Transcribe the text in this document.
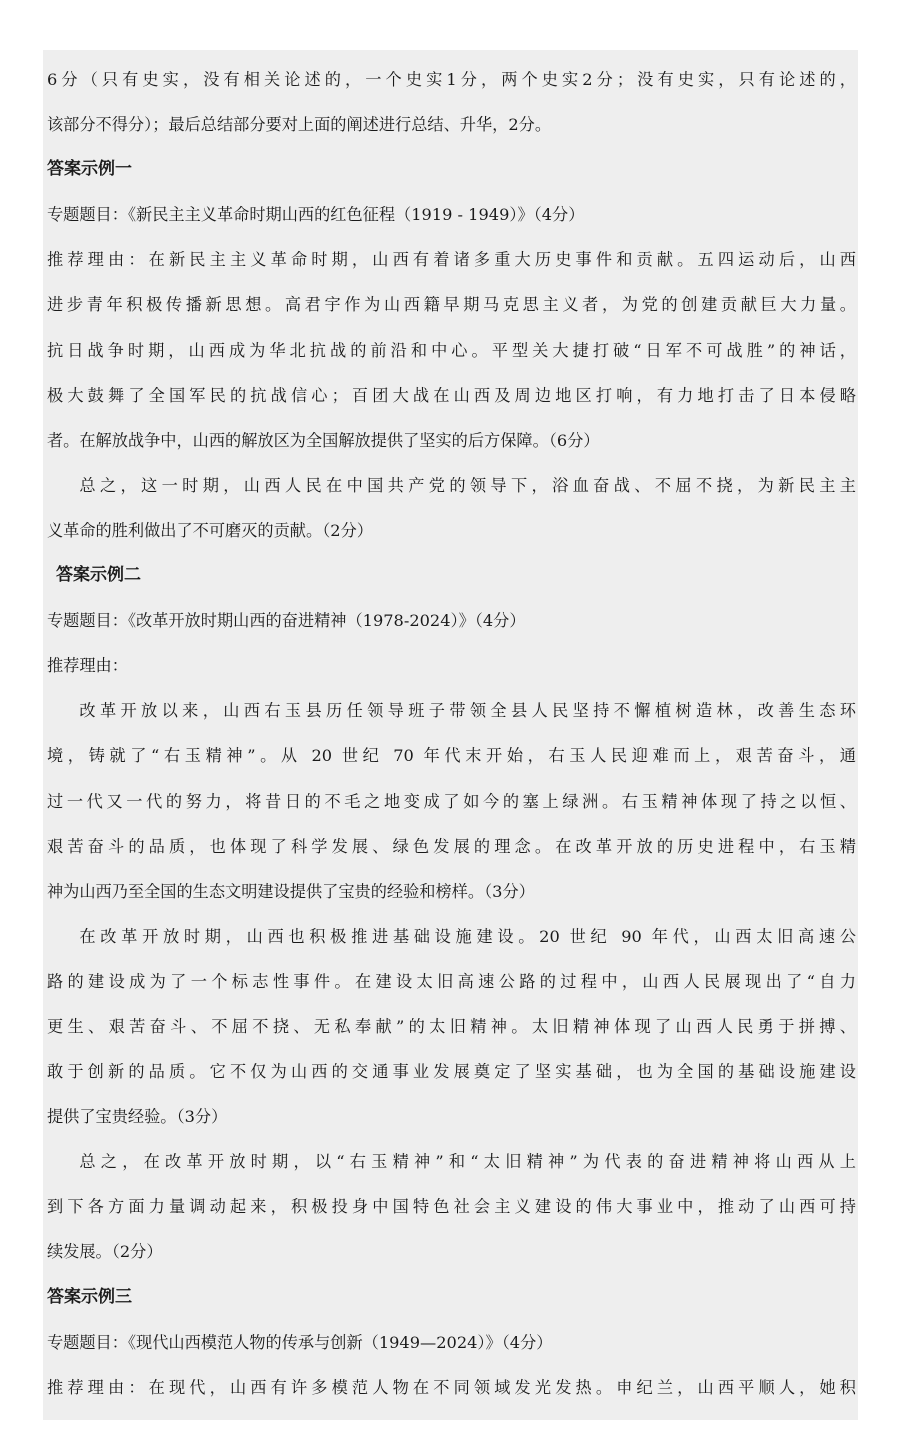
6分（只有史实，没有相关论述的，一个史实1分，两个史实2分；没有史实，只有论述的，
该部分不得分）；最后总结部分要对上面的阐述进行总结、升华，2分。
答案示例一
专题题目：《新民主主义革命时期山西的红色征程（1919 - 1949）》（4分）
推荐理由：在新民主主义革命时期，山西有着诸多重大历史事件和贡献。五四运动后，山西
进步青年积极传播新思想。高君宇作为山西籍早期马克思主义者，为党的创建贡献巨大力量。
抗日战争时期，山西成为华北抗战的前沿和中心。平型关大捷打破“日军不可战胜”的神话，
极大鼓舞了全国军民的抗战信心；百团大战在山西及周边地区打响，有力地打击了日本侵略
者。在解放战争中，山西的解放区为全国解放提供了坚实的后方保障。（6分）
总之，这一时期，山西人民在中国共产党的领导下，浴血奋战、不屈不挠，为新民主主
义革命的胜利做出了不可磨灭的贡献。（2分）
答案示例二
专题题目：《改革开放时期山西的奋进精神（1978-2024）》（4分）
推荐理由：
改革开放以来，山西右玉县历任领导班子带领全县人民坚持不懈植树造林，改善生态环
境，铸就了“右玉精神”。从 20 世纪 70 年代末开始，右玉人民迎难而上，艰苦奋斗，通
过一代又一代的努力，将昔日的不毛之地变成了如今的塞上绿洲。右玉精神体现了持之以恒、
艰苦奋斗的品质，也体现了科学发展、绿色发展的理念。在改革开放的历史进程中，右玉精
神为山西乃至全国的生态文明建设提供了宝贵的经验和榜样。（3分）
在改革开放时期，山西也积极推进基础设施建设。20 世纪 90 年代，山西太旧高速公
路的建设成为了一个标志性事件。在建设太旧高速公路的过程中，山西人民展现出了“自力
更生、艰苦奋斗、不屈不挠、无私奉献”的太旧精神。太旧精神体现了山西人民勇于拼搏、
敢于创新的品质。它不仅为山西的交通事业发展奠定了坚实基础，也为全国的基础设施建设
提供了宝贵经验。（3分）
总之，在改革开放时期，以“右玉精神”和“太旧精神”为代表的奋进精神将山西从上
到下各方面力量调动起来，积极投身中国特色社会主义建设的伟大事业中，推动了山西可持
续发展。（2分）
答案示例三
专题题目：《现代山西模范人物的传承与创新（1949—2024）》（4分）
推荐理由：在现代，山西有许多模范人物在不同领域发光发热。申纪兰，山西平顺人，她积
